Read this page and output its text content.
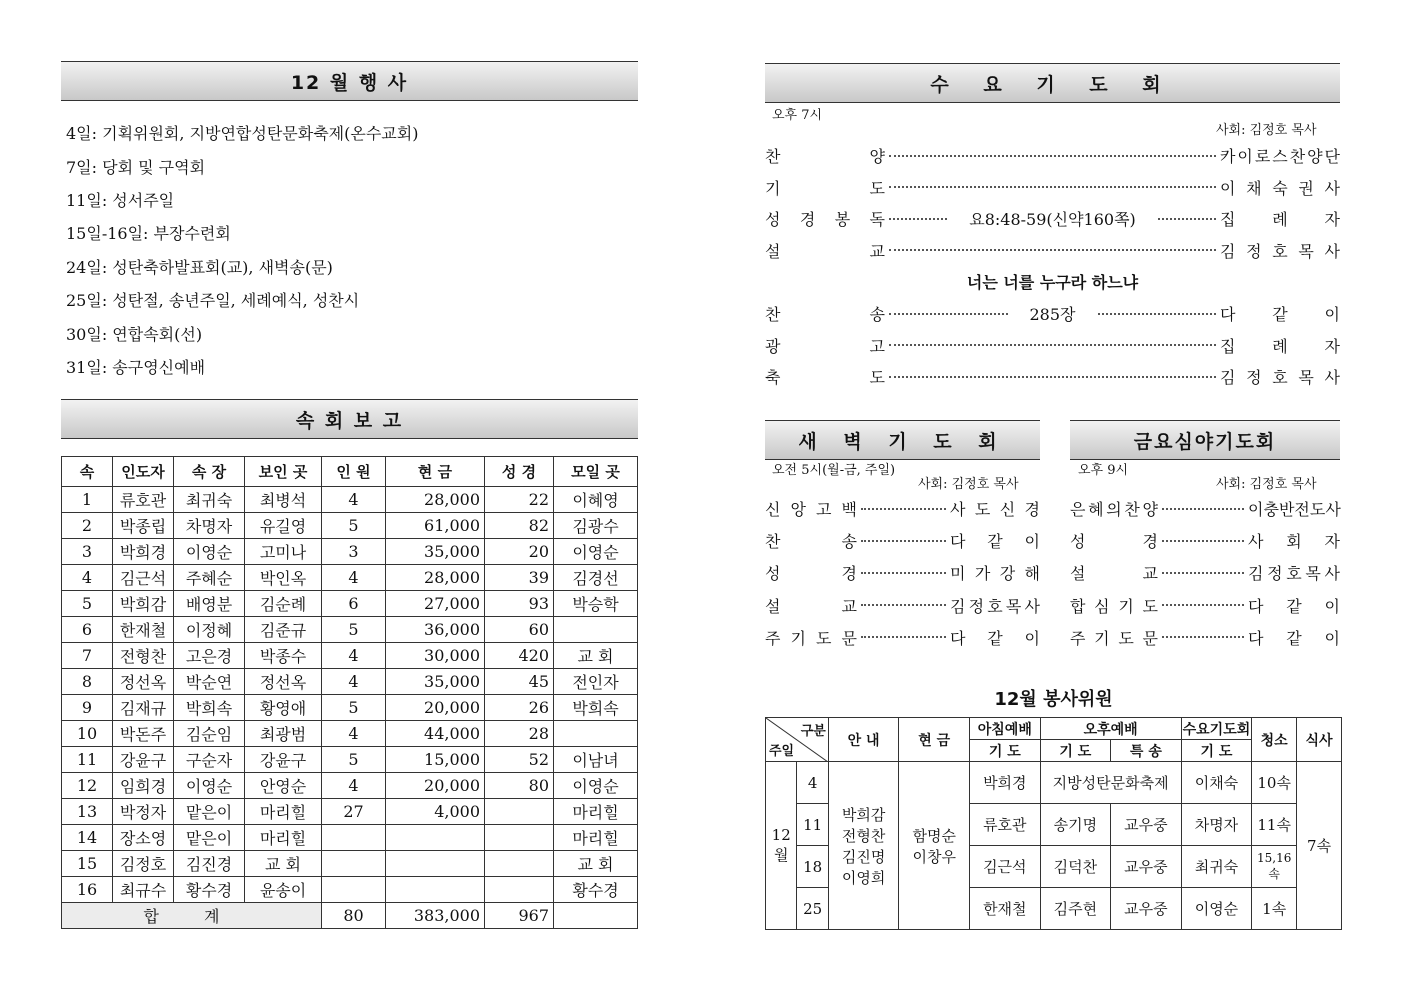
12 월 행 사
4일: 기획위원회, 지방연합성탄문화축제(온수교회)
7일: 당회 및 구역회
11일: 성서주일
15일-16일: 부장수련회
24일: 성탄축하발표회(교), 새벽송(문)
25일: 성탄절, 송년주일, 세례예식, 성찬시
30일: 연합속회(선)
31일: 송구영신예배
속 회 보 고
속	인도자	속 장	보인 곳	인 원	현 금	성 경	모일 곳
1	류호관	최귀숙	최병석	4	28,000	22	이혜영
2	박종립	차명자	유길영	5	61,000	82	김광수
3	박희경	이영순	고미나	3	35,000	20	이영순
4	김근석	주혜순	박인옥	4	28,000	39	김경선
5	박희감	배영분	김순례	6	27,000	93	박승학
6	한재철	이정혜	김준규	5	36,000	60	
7	전형찬	고은경	박종수	4	30,000	420	교 회
8	정선옥	박순연	정선옥	4	35,000	45	전인자
9	김재규	박희속	황영애	5	20,000	26	박희속
10	박돈주	김순임	최광범	4	44,000	28	
11	강윤구	구순자	강윤구	5	15,000	52	이남녀
12	임희경	이영순	안영순	4	20,000	80	이영순
13	박정자	맡은이	마리힐	27	4,000		마리힐
14	장소영	맡은이	마리힐				마리힐
15	김정호	김진경	교 회				교 회
16	최규수	황수경	윤송이				황수경
합 계				80	383,000	967	
수 요 기 도 회
오후 7시
사회: 김정호 목사
찬	양	카 이 로 스 찬 양 단
기	도	이 채 숙 권 사
성 경 봉 독	요8:48-59(신약160쪽)	집 례 자
설	교	김 정 호 목 사
너는 너를 누구라 하느냐
찬	송	285장	다 같 이
광	고	집 례 자
축	도	김 정 호 목 사
새 벽 기 도 회
오전 5시(월-금, 주일)
사회: 김정호 목사
신 앙 고 백	사 도 신 경
찬	송	다 같 이
성	경	미 가 강 해
설	교	김 정 호 목 사
주 기 도 문	다 같 이
금요심야기도회
오후 9시
사회: 김정호 목사
은 혜 의 찬 양	이 충 반 전 도 사
성	경	사 회 자
설	교	김 정 호 목 사
합 심 기 도	다 같 이
주 기 도 문	다 같 이
12월 봉사위원
구분
주일		안 내	현 금	아침예배	오후예배		수요기도회	청소	식사
				기 도	기 도	특 송	기 도		
12월	4	박희감 전형찬 김진명 이영희	함명순 이창우	박희경	지방성탄문화축제		이채숙	10속	7속
	11			류호관	송기명	교우중	차명자	11속	
	18			김근석	김덕찬	교우중	최귀숙	15,16속	
	25			한재철	김주현	교우중	이영순	1속	
